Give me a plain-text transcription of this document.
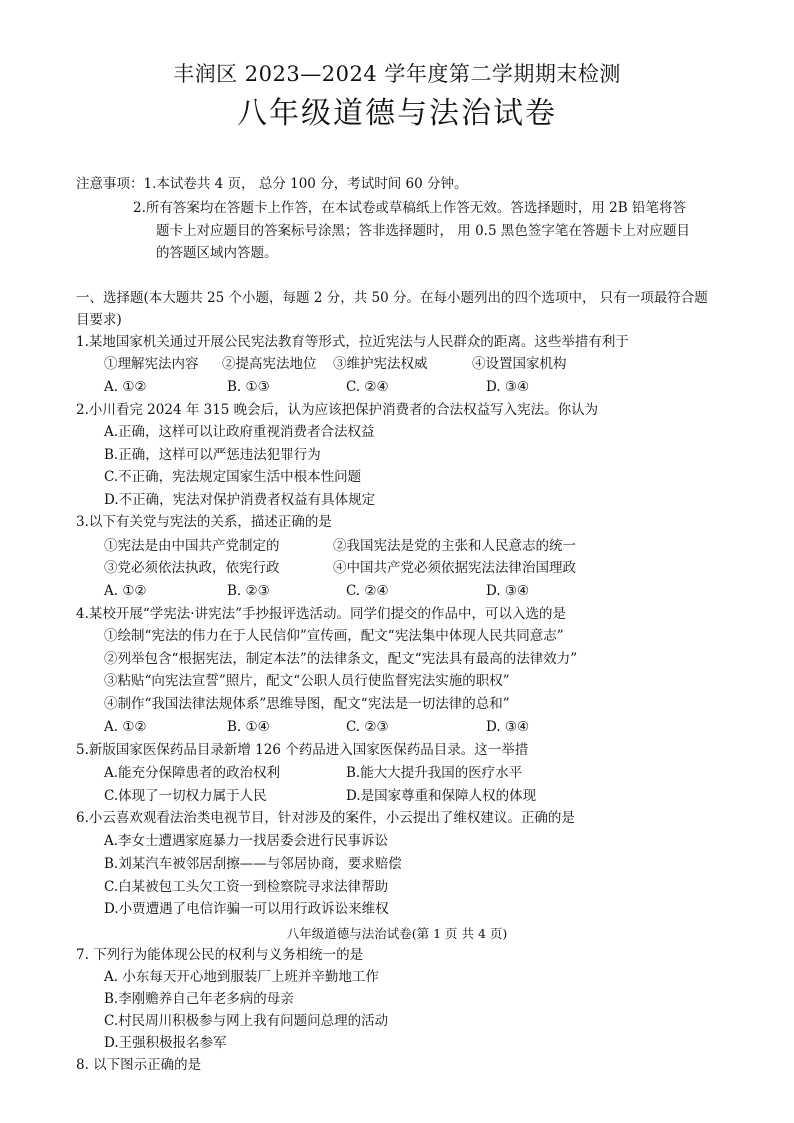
丰润区 2023—2024 学年度第二学期期末检测
八年级道德与法治试卷
注意事项：1.本试卷共 4 页， 总分 100 分，考试时间 60 分钟。
2.所有答案均在答题卡上作答，在本试卷或草稿纸上作答无效。答选择题时，用 2B 铅笔将答
题卡上对应题目的答案标号涂黑；答非选择题时， 用 0.5 黑色签字笔在答题卡上对应题目
的答题区域内答题。
一、选择题(本大题共 25 个小题，每题 2 分，共 50 分。在每小题列出的四个选项中， 只有一项最符合题
目要求)
1.某地国家机关通过开展公民宪法教育等形式，拉近宪法与人民群众的距离。这些举措有利于
①理解宪法内容 ②提高宪法地位 ③维护宪法权威	④设置国家机构
A. ①②	B. ①③	C. ②④	D. ③④
2.小川看完 2024 年 315 晚会后，认为应该把保护消费者的合法权益写入宪法。你认为
A.正确，这样可以让政府重视消费者合法权益
B.正确，这样可以严惩违法犯罪行为
C.不正确，宪法规定国家生活中根本性问题
D.不正确，宪法对保护消费者权益有具体规定
3.以下有关党与宪法的关系，描述正确的是
①宪法是由中国共产党制定的	②我国宪法是党的主张和人民意志的统一
③党必须依法执政，依宪行政	④中国共产党必须依据宪法法律治国理政
A. ①②	B. ②③	C. ②④	D. ③④
4.某校开展“学宪法·讲宪法”手抄报评选活动。同学们提交的作品中，可以入选的是
①绘制“宪法的伟力在于人民信仰”宣传画，配文“宪法集中体现人民共同意志”
②列举包含“根据宪法，制定本法”的法律条文，配文“宪法具有最高的法律效力”
③粘贴“向宪法宣誓”照片，配文“公职人员行使监督宪法实施的职权”
④制作“我国法律法规体系”思维导图，配文“宪法是一切法律的总和”
A. ①②	B. ①④	C. ②③	D. ③④
5.新版国家医保药品目录新增 126 个药品进入国家医保药品目录。这一举措
A.能充分保障患者的政治权利	B.能大大提升我国的医疗水平
C.体现了一切权力属于人民	D.是国家尊重和保障人权的体现
6.小云喜欢观看法治类电视节目，针对涉及的案件，小云提出了维权建议。正确的是
A.李女士遭遇家庭暴力一找居委会进行民事诉讼
B.刘某汽车被邻居刮擦——与邻居协商，要求赔偿
C.白某被包工头欠工资一到检察院寻求法律帮助
D.小贾遭遇了电信诈骗一可以用行政诉讼来维权
八年级道德与法治试卷(第 1 页 共 4 页)
7. 下列行为能体现公民的权利与义务相统一的是
A. 小东每天开心地到服装厂上班并辛勤地工作
B.李刚赡养自己年老多病的母亲
C.村民周川积极参与网上我有问题问总理的活动
D.王强积极报名参军
8. 以下图示正确的是
